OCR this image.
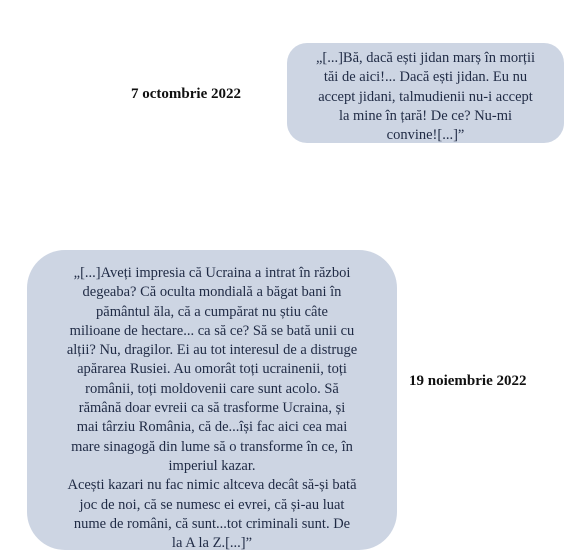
7 octombrie 2022
„[...]Bă, dacă ești jidan marș în morții
tăi de aici!... Dacă ești jidan. Eu nu
accept jidani, talmudienii nu-i accept
la mine în țară! De ce? Nu-mi
convine![...]”
„[...]Aveți impresia că Ucraina a intrat în război
degeaba? Că oculta mondială a băgat bani în
pământul ăla, că a cumpărat nu știu câte
milioane de hectare... ca să ce? Să se bată unii cu
alții? Nu, dragilor. Ei au tot interesul de a distruge
apărarea Rusiei. Au omorât toți ucrainenii, toți
românii, toți moldovenii care sunt acolo. Să
rămână doar evreii ca să trasforme Ucraina, și
mai târziu România, că de...își fac aici cea mai
mare sinagogă din lume să o transforme în ce, în
imperiul kazar.
Acești kazari nu fac nimic altceva decât să-și bată
joc de noi, că se numesc ei evrei, că și-au luat
nume de români, că sunt...tot criminali sunt. De
la A la Z.[...]”
19 noiembrie 2022
